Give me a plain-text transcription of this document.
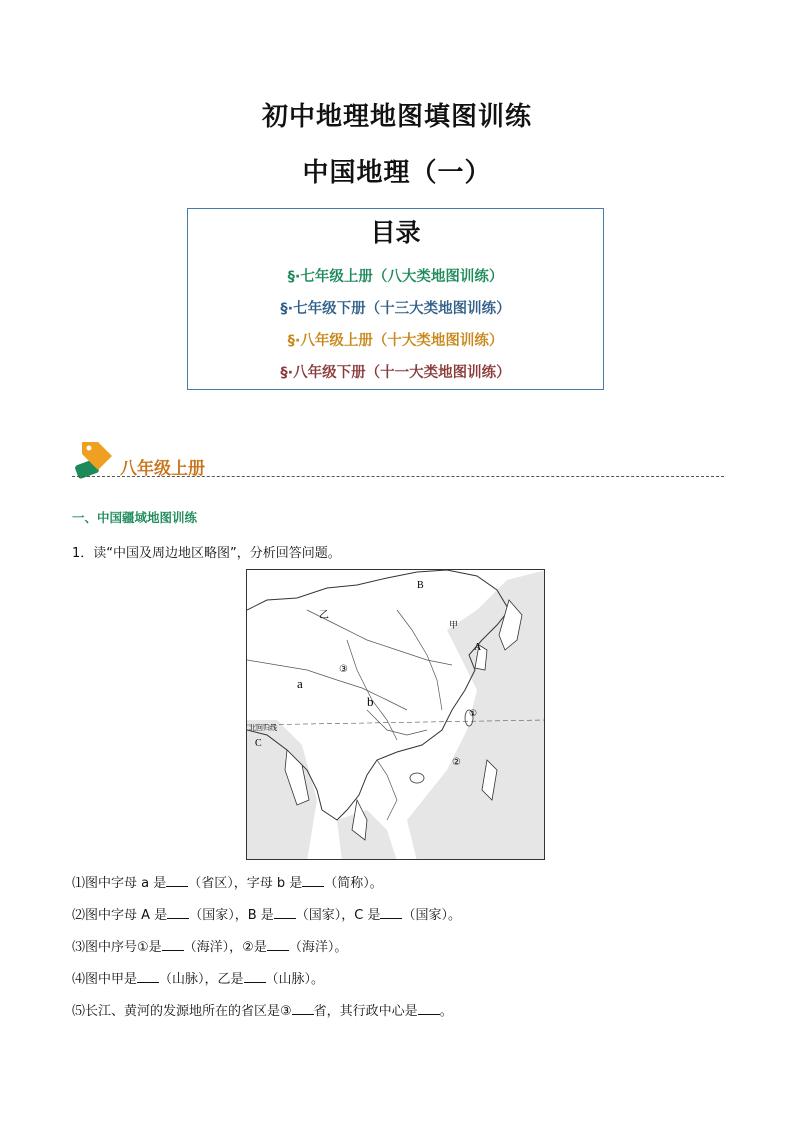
初中地理地图填图训练
中国地理（一）
目录
§·七年级上册（八大类地图训练）
§·七年级下册（十三大类地图训练）
§·八年级上册（十大类地图训练）
§·八年级下册（十一大类地图训练）
八年级上册
一、中国疆域地图训练
1．读“中国及周边地区略图”，分析回答问题。
B
乙
甲
A
③
a
b
①
北回归线
C
②
⑴图中字母 a 是 （省区），字母 b 是 （简称）。
⑵图中字母 A 是 （国家），B 是 （国家），C 是 （国家）。
⑶图中序号①是 （海洋），②是 （海洋）。
⑷图中甲是 （山脉），乙是 （山脉）。
⑸长江、黄河的发源地所在的省区是③ 省，其行政中心是 。
